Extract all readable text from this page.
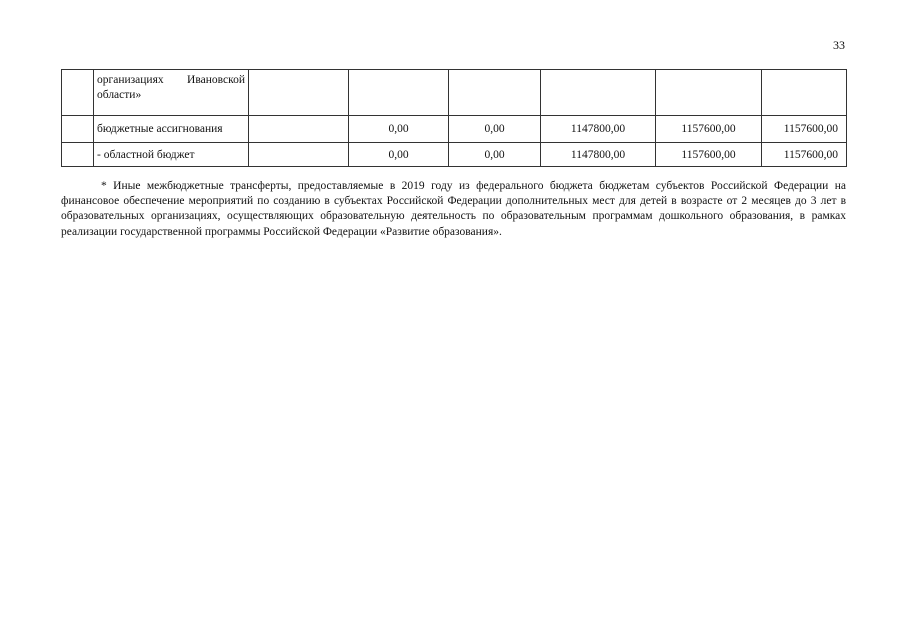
33

	организациях Ивановской
области»						
	бюджетные ассигнования		0,00	0,00	1147800,00	1157600,00	1157600,00
	- областной бюджет		0,00	0,00	1147800,00	1157600,00	1157600,00

* Иные межбюджетные трансферты, предоставляемые в 2019 году из федерального бюджета бюджетам субъектов Российской Федерации на финансовое обеспечение мероприятий по созданию в субъектах Российской Федерации дополнительных мест для детей в возрасте от 2 месяцев до 3 лет в образовательных организациях, осуществляющих образовательную деятельность по образовательным программам дошкольного образования, в рамках реализации государственной программы Российской Федерации «Развитие образования».
